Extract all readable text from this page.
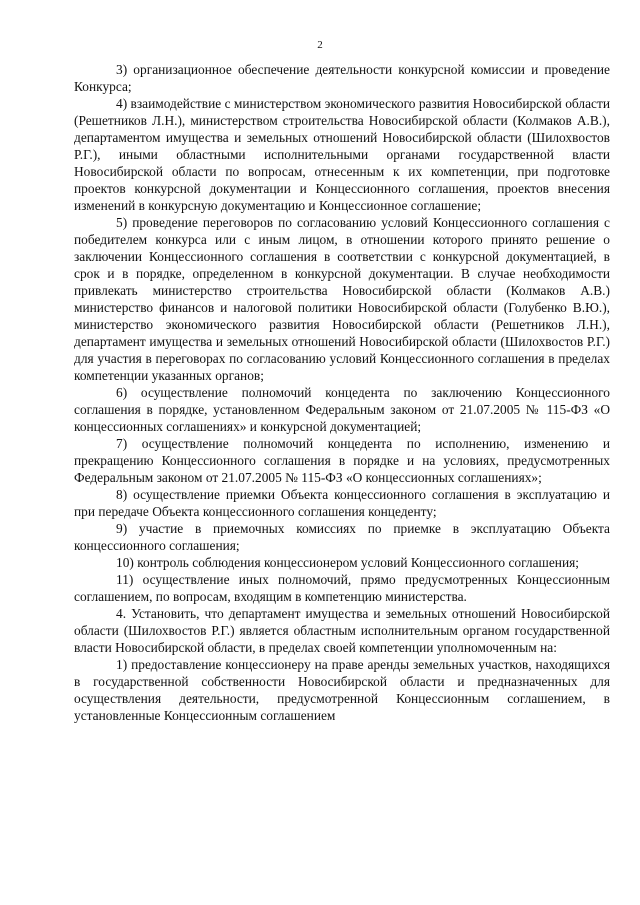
2

3) организационное обеспечение деятельности конкурсной комиссии и проведение Конкурса;

4) взаимодействие с министерством экономического развития Новосибирской области (Решетников Л.Н.), министерством строительства Новосибирской области (Колмаков А.В.), департаментом имущества и земельных отношений Новосибирской области (Шилохвостов Р.Г.), иными областными исполнительными органами государственной власти Новосибирской области по вопросам, отнесенным к их компетенции, при подготовке проектов конкурсной документации и Концессионного соглашения, проектов внесения изменений в конкурсную документацию и Концессионное соглашение;

5) проведение переговоров по согласованию условий Концессионного соглашения с победителем конкурса или с иным лицом, в отношении которого принято решение о заключении Концессионного соглашения в соответствии с конкурсной документацией, в срок и в порядке, определенном в конкурсной документации. В случае необходимости привлекать министерство строительства Новосибирской области (Колмаков А.В.) министерство финансов и налоговой политики Новосибирской области (Голубенко В.Ю.), министерство экономического развития Новосибирской области (Решетников Л.Н.), департамент имущества и земельных отношений Новосибирской области (Шилохвостов Р.Г.) для участия в переговорах по согласованию условий Концессионного соглашения в пределах компетенции указанных органов;

6) осуществление полномочий концедента по заключению Концессионного соглашения в порядке, установленном Федеральным законом от 21.07.2005 № 115-ФЗ «О концессионных соглашениях» и конкурсной документацией;

7) осуществление полномочий концедента по исполнению, изменению и прекращению Концессионного соглашения в порядке и на условиях, предусмотренных Федеральным законом от 21.07.2005 № 115-ФЗ «О концессионных соглашениях»;

8) осуществление приемки Объекта концессионного соглашения в эксплуатацию и при передаче Объекта концессионного соглашения концеденту;

9) участие в приемочных комиссиях по приемке в эксплуатацию Объекта концессионного соглашения;

10) контроль соблюдения концессионером условий Концессионного соглашения;

11) осуществление иных полномочий, прямо предусмотренных Концессионным соглашением, по вопросам, входящим в компетенцию министерства.

4. Установить, что департамент имущества и земельных отношений Новосибирской области (Шилохвостов Р.Г.) является областным исполнительным органом государственной власти Новосибирской области, в пределах своей компетенции уполномоченным на:

1) предоставление концессионеру на праве аренды земельных участков, находящихся в государственной собственности Новосибирской области и предназначенных для осуществления деятельности, предусмотренной Концессионным соглашением, в установленные Концессионным соглашением
